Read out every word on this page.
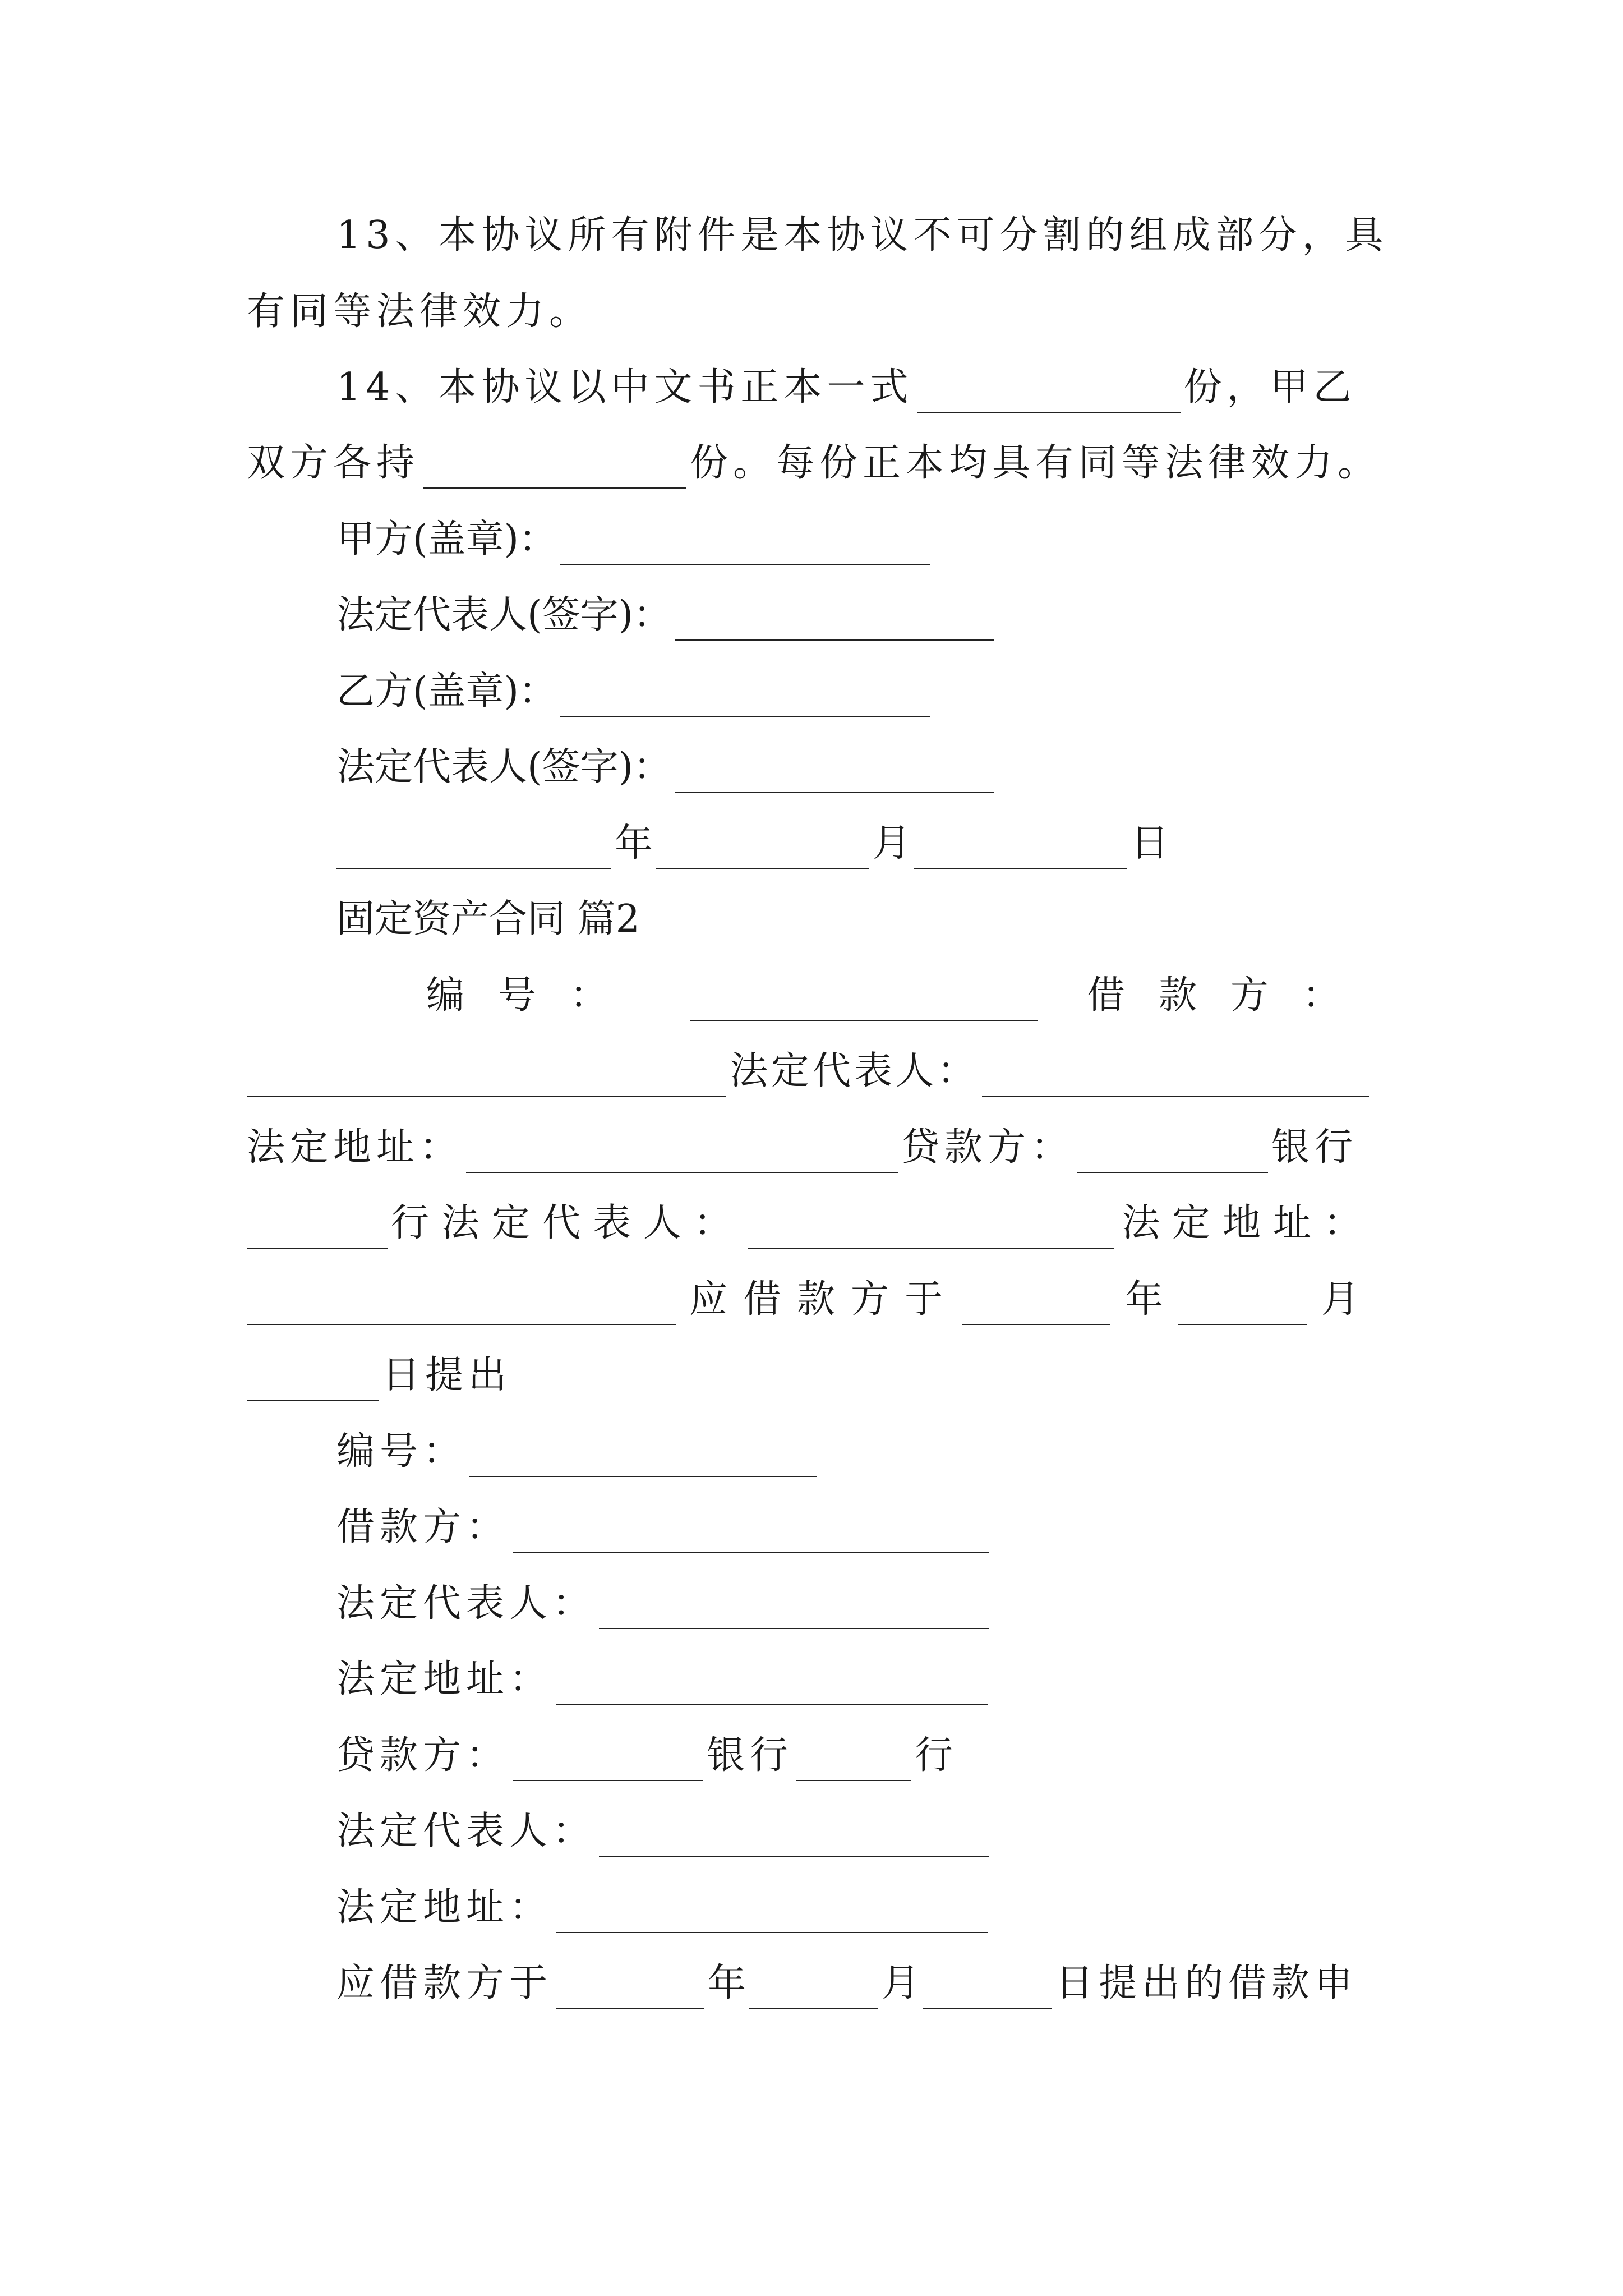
13、本协议所有附件是本协议不可分割的组成部分，具
有同等法律效力。
14、本协议以中文书正本一式	份，甲乙
双方各持	份。每份正本均具有同等法律效力。
甲方(盖章)：
法定代表人(签字)：
乙方(盖章)：
法定代表人(签字)：
年	月	日
固定资产合同 篇2
编号：	借款方：
法定代表人：
法定地址：	贷款方：	银行
行法定代表人：	法定地址：
应借款方于	年	月
日提出
编号：
借款方：
法定代表人：
法定地址：
贷款方：	银行	行
法定代表人：
法定地址：
应借款方于	年	月	日提出的借款申
